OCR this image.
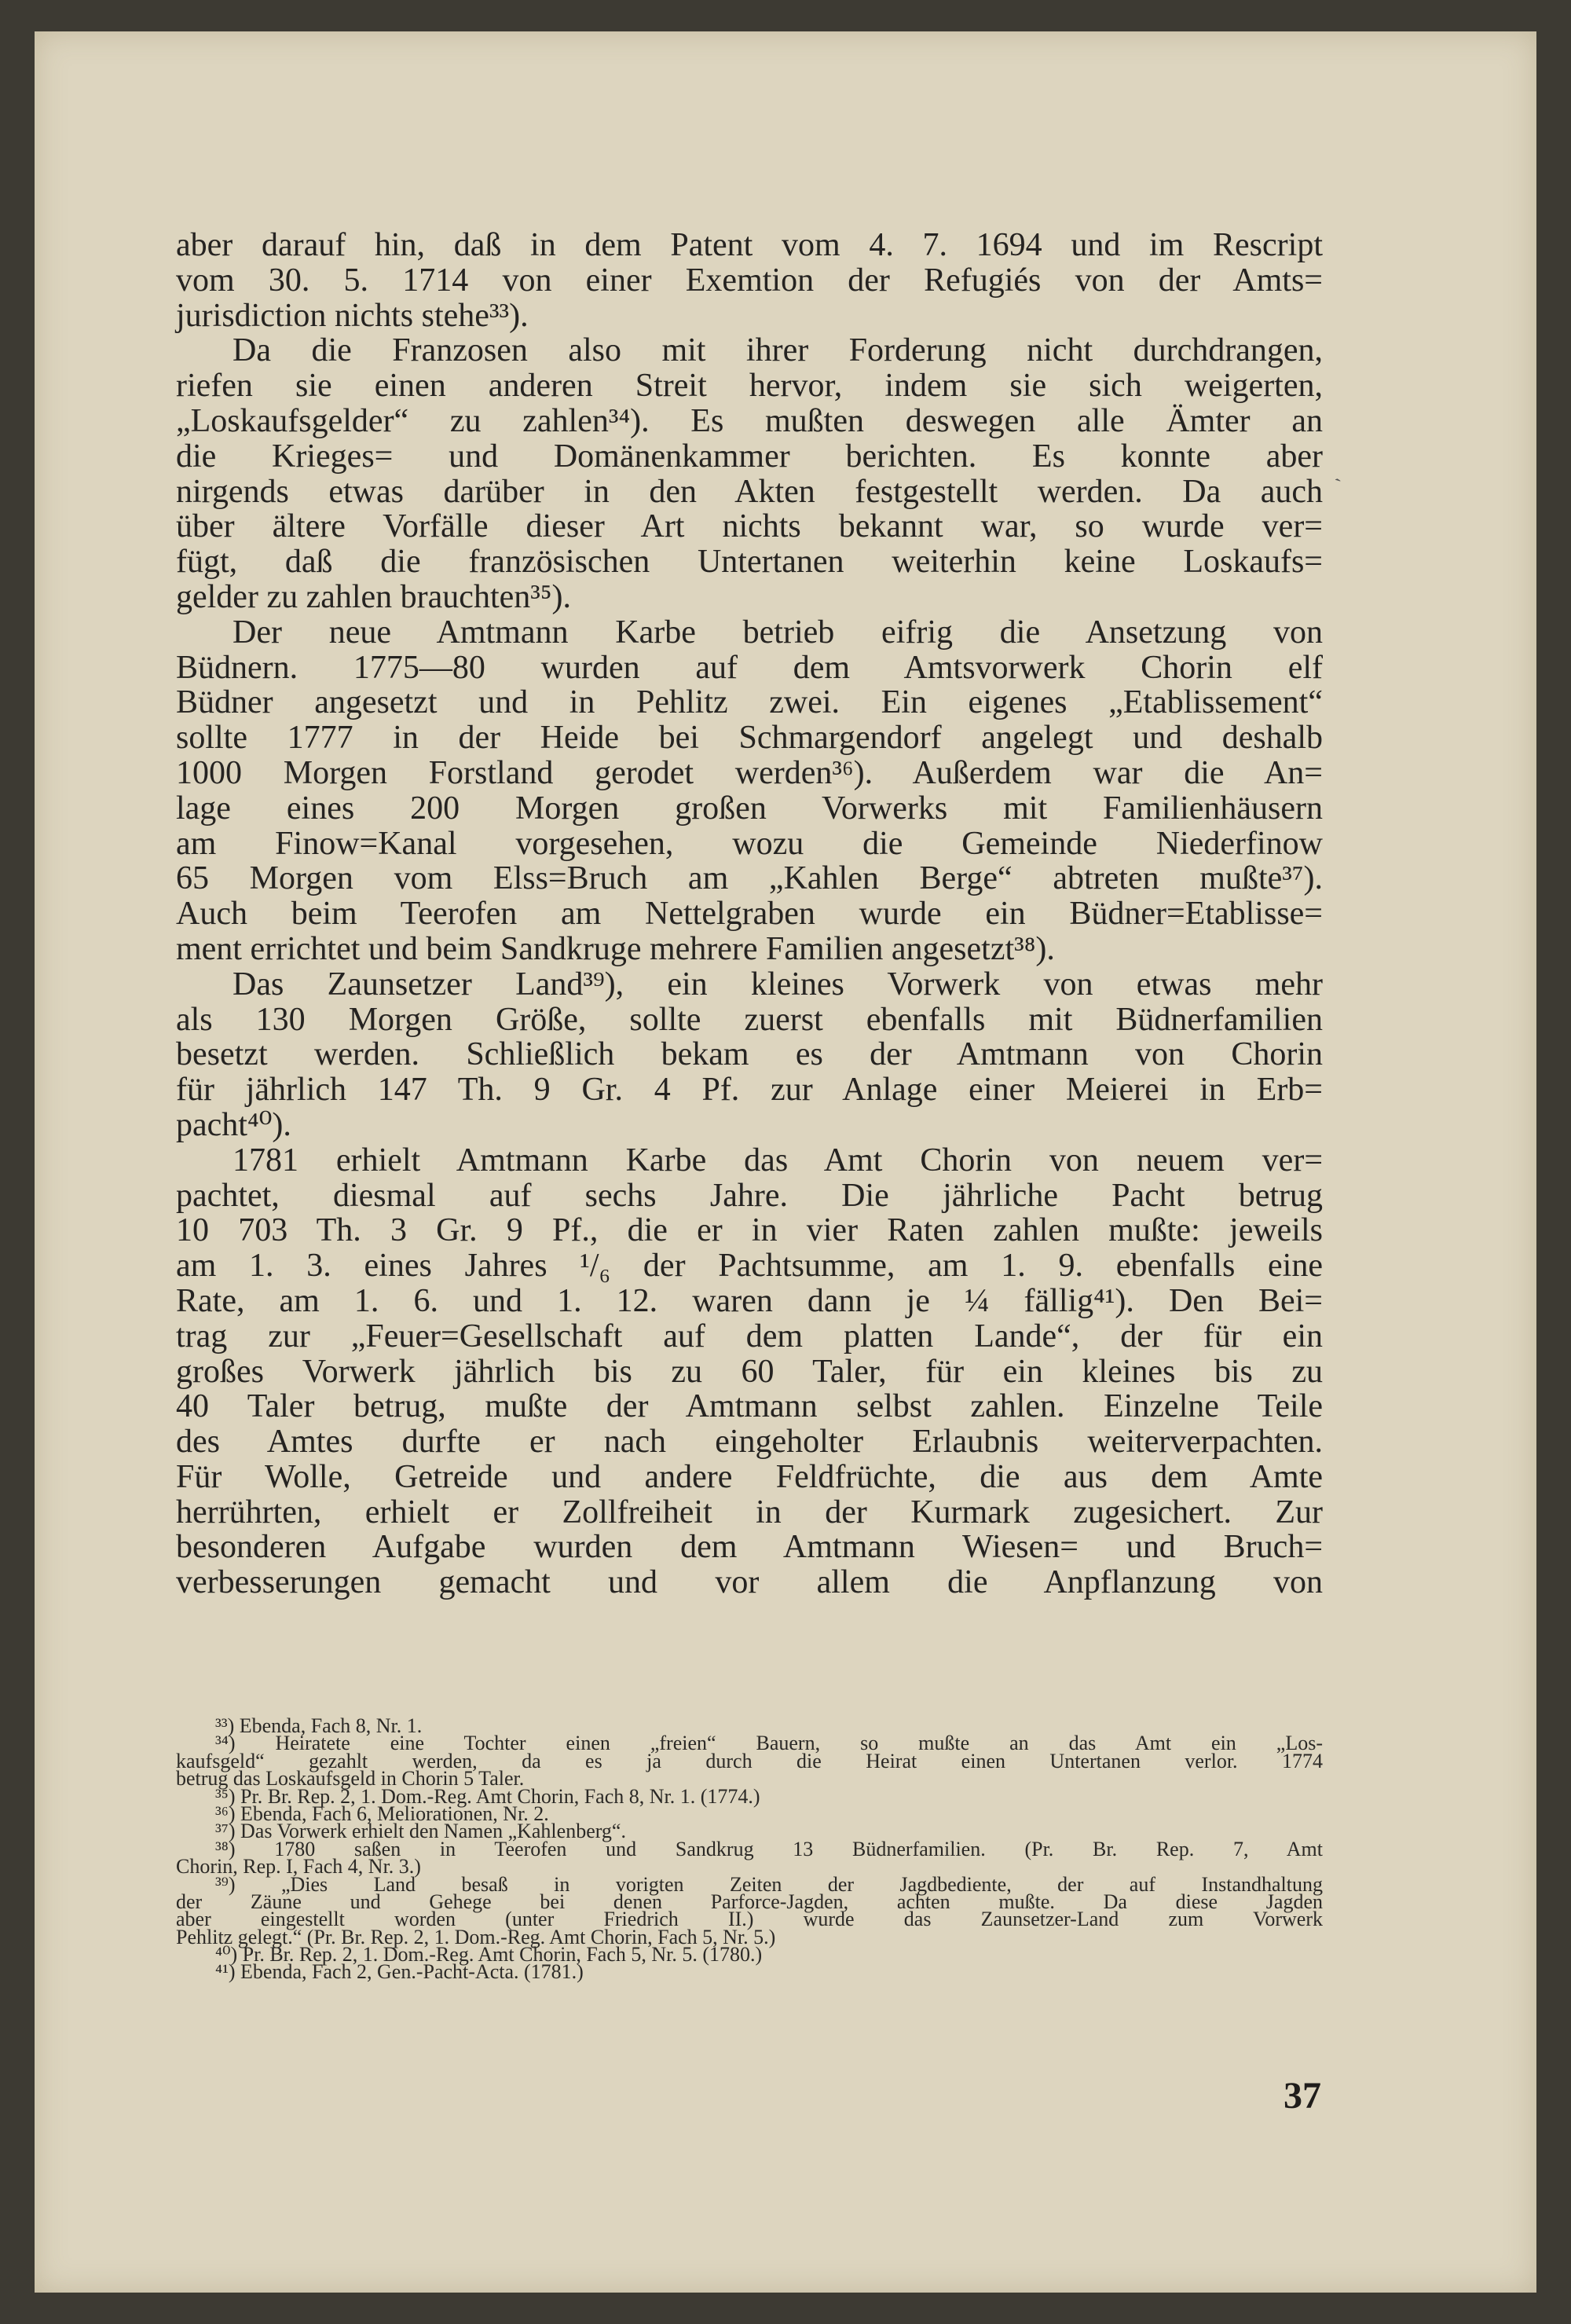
aber darauf hin, daß in dem Patent vom 4. 7. 1694 und im Rescript
vom 30. 5. 1714 von einer Exemtion der Refugiés von der Amts=
jurisdiction nichts stehe³³).
Da die Franzosen also mit ihrer Forderung nicht durchdrangen,
riefen sie einen anderen Streit hervor, indem sie sich weigerten,
„Loskaufsgelder“ zu zahlen³⁴). Es mußten deswegen alle Ämter an
die Krieges= und Domänenkammer berichten. Es konnte aber
nirgends etwas darüber in den Akten festgestellt werden. Da auch
über ältere Vorfälle dieser Art nichts bekannt war, so wurde ver=
fügt, daß die französischen Untertanen weiterhin keine Loskaufs=
gelder zu zahlen brauchten³⁵).
Der neue Amtmann Karbe betrieb eifrig die Ansetzung von
Büdnern. 1775—80 wurden auf dem Amtsvorwerk Chorin elf
Büdner angesetzt und in Pehlitz zwei. Ein eigenes „Etablissement“
sollte 1777 in der Heide bei Schmargendorf angelegt und deshalb
1000 Morgen Forstland gerodet werden³⁶). Außerdem war die An=
lage eines 200 Morgen großen Vorwerks mit Familienhäusern
am Finow=Kanal vorgesehen, wozu die Gemeinde Niederfinow
65 Morgen vom Elss=Bruch am „Kahlen Berge“ abtreten mußte³⁷).
Auch beim Teerofen am Nettelgraben wurde ein Büdner=Etablisse=
ment errichtet und beim Sandkruge mehrere Familien angesetzt³⁸).
Das Zaunsetzer Land³⁹), ein kleines Vorwerk von etwas mehr
als 130 Morgen Größe, sollte zuerst ebenfalls mit Büdnerfamilien
besetzt werden. Schließlich bekam es der Amtmann von Chorin
für jährlich 147 Th. 9 Gr. 4 Pf. zur Anlage einer Meierei in Erb=
pacht⁴⁰).
1781 erhielt Amtmann Karbe das Amt Chorin von neuem ver=
pachtet, diesmal auf sechs Jahre. Die jährliche Pacht betrug
10 703 Th. 3 Gr. 9 Pf., die er in vier Raten zahlen mußte: jeweils
am 1. 3. eines Jahres ¹/₆ der Pachtsumme, am 1. 9. ebenfalls eine
Rate, am 1. 6. und 1. 12. waren dann je ¼ fällig⁴¹). Den Bei=
trag zur „Feuer=Gesellschaft auf dem platten Lande“, der für ein
großes Vorwerk jährlich bis zu 60 Taler, für ein kleines bis zu
40 Taler betrug, mußte der Amtmann selbst zahlen. Einzelne Teile
des Amtes durfte er nach eingeholter Erlaubnis weiterverpachten.
Für Wolle, Getreide und andere Feldfrüchte, die aus dem Amte
herrührten, erhielt er Zollfreiheit in der Kurmark zugesichert. Zur
besonderen Aufgabe wurden dem Amtmann Wiesen= und Bruch=
verbesserungen gemacht und vor allem die Anpflanzung von
³³) Ebenda, Fach 8, Nr. 1.
³⁴) Heiratete eine Tochter einen „freien“ Bauern, so mußte an das Amt ein „Los-
kaufsgeld“ gezahlt werden, da es ja durch die Heirat einen Untertanen verlor. 1774
betrug das Loskaufsgeld in Chorin 5 Taler.
³⁵) Pr. Br. Rep. 2, 1. Dom.-Reg. Amt Chorin, Fach 8, Nr. 1. (1774.)
³⁶) Ebenda, Fach 6, Meliorationen, Nr. 2.
³⁷) Das Vorwerk erhielt den Namen „Kahlenberg“.
³⁸) 1780 saßen in Teerofen und Sandkrug 13 Büdnerfamilien. (Pr. Br. Rep. 7, Amt
Chorin, Rep. I, Fach 4, Nr. 3.)
³⁹) „Dies Land besaß in vorigten Zeiten der Jagdbediente, der auf Instandhaltung
der Zäune und Gehege bei denen Parforce-Jagden, achten mußte. Da diese Jagden
aber eingestellt worden (unter Friedrich II.) wurde das Zaunsetzer-Land zum Vorwerk
Pehlitz gelegt.“ (Pr. Br. Rep. 2, 1. Dom.-Reg. Amt Chorin, Fach 5, Nr. 5.)
⁴⁰) Pr. Br. Rep. 2, 1. Dom.-Reg. Amt Chorin, Fach 5, Nr. 5. (1780.)
⁴¹) Ebenda, Fach 2, Gen.-Pacht-Acta. (1781.)
`
37
